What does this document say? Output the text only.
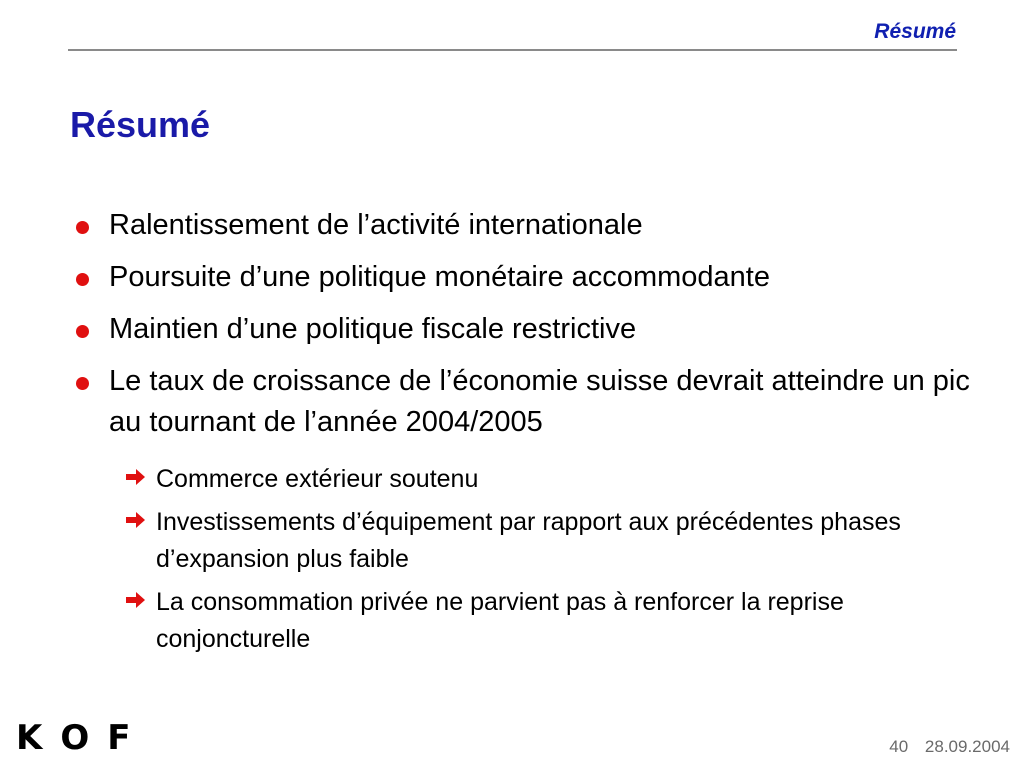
Résumé
Résumé
Ralentissement de l’activité internationale
Poursuite d’une politique monétaire accommodante
Maintien d’une politique fiscale restrictive
Le taux de croissance de l’économie suisse devrait atteindre un pic au tournant de l’année 2004/2005
Commerce extérieur soutenu
Investissements d’équipement par rapport aux précédentes phases d’expansion plus faible
La consommation privée ne parvient pas à renforcer la reprise conjoncturelle
K O F	40 28.09.2004
